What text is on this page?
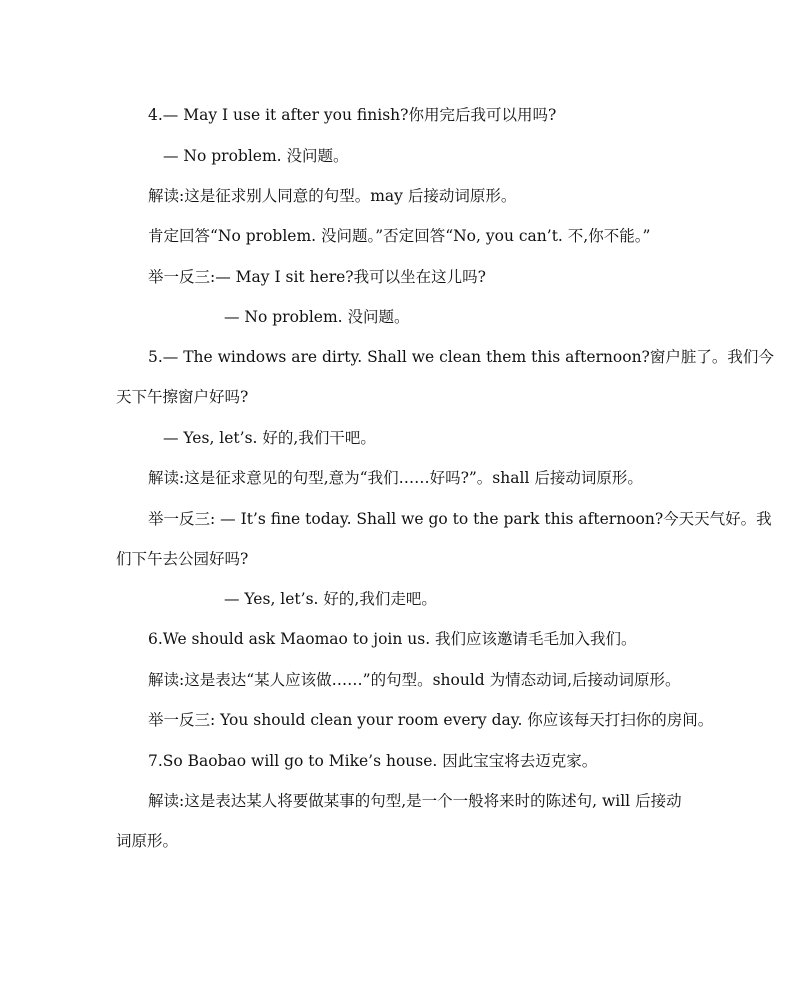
4.— May I use it after you finish?你用完后我可以用吗?
— No problem. 没问题。
解读:这是征求别人同意的句型。may 后接动词原形。
肯定回答“No problem. 没问题。”否定回答“No, you can’t. 不,你不能。”
举一反三:— May I sit here?我可以坐在这儿吗?
— No problem. 没问题。
5.— The windows are dirty. Shall we clean them this afternoon?窗户脏了。我们今
天下午擦窗户好吗?
— Yes, let’s. 好的,我们干吧。
解读:这是征求意见的句型,意为“我们……好吗?”。shall 后接动词原形。
举一反三: — It’s fine today. Shall we go to the park this afternoon?今天天气好。我
们下午去公园好吗?
— Yes, let’s. 好的,我们走吧。
6.We should ask Maomao to join us. 我们应该邀请毛毛加入我们。
解读:这是表达“某人应该做……”的句型。should 为情态动词,后接动词原形。
举一反三: You should clean your room every day. 你应该每天打扫你的房间。
7.So Baobao will go to Mike’s house. 因此宝宝将去迈克家。
解读:这是表达某人将要做某事的句型,是一个一般将来时的陈述句, will 后接动
词原形。
